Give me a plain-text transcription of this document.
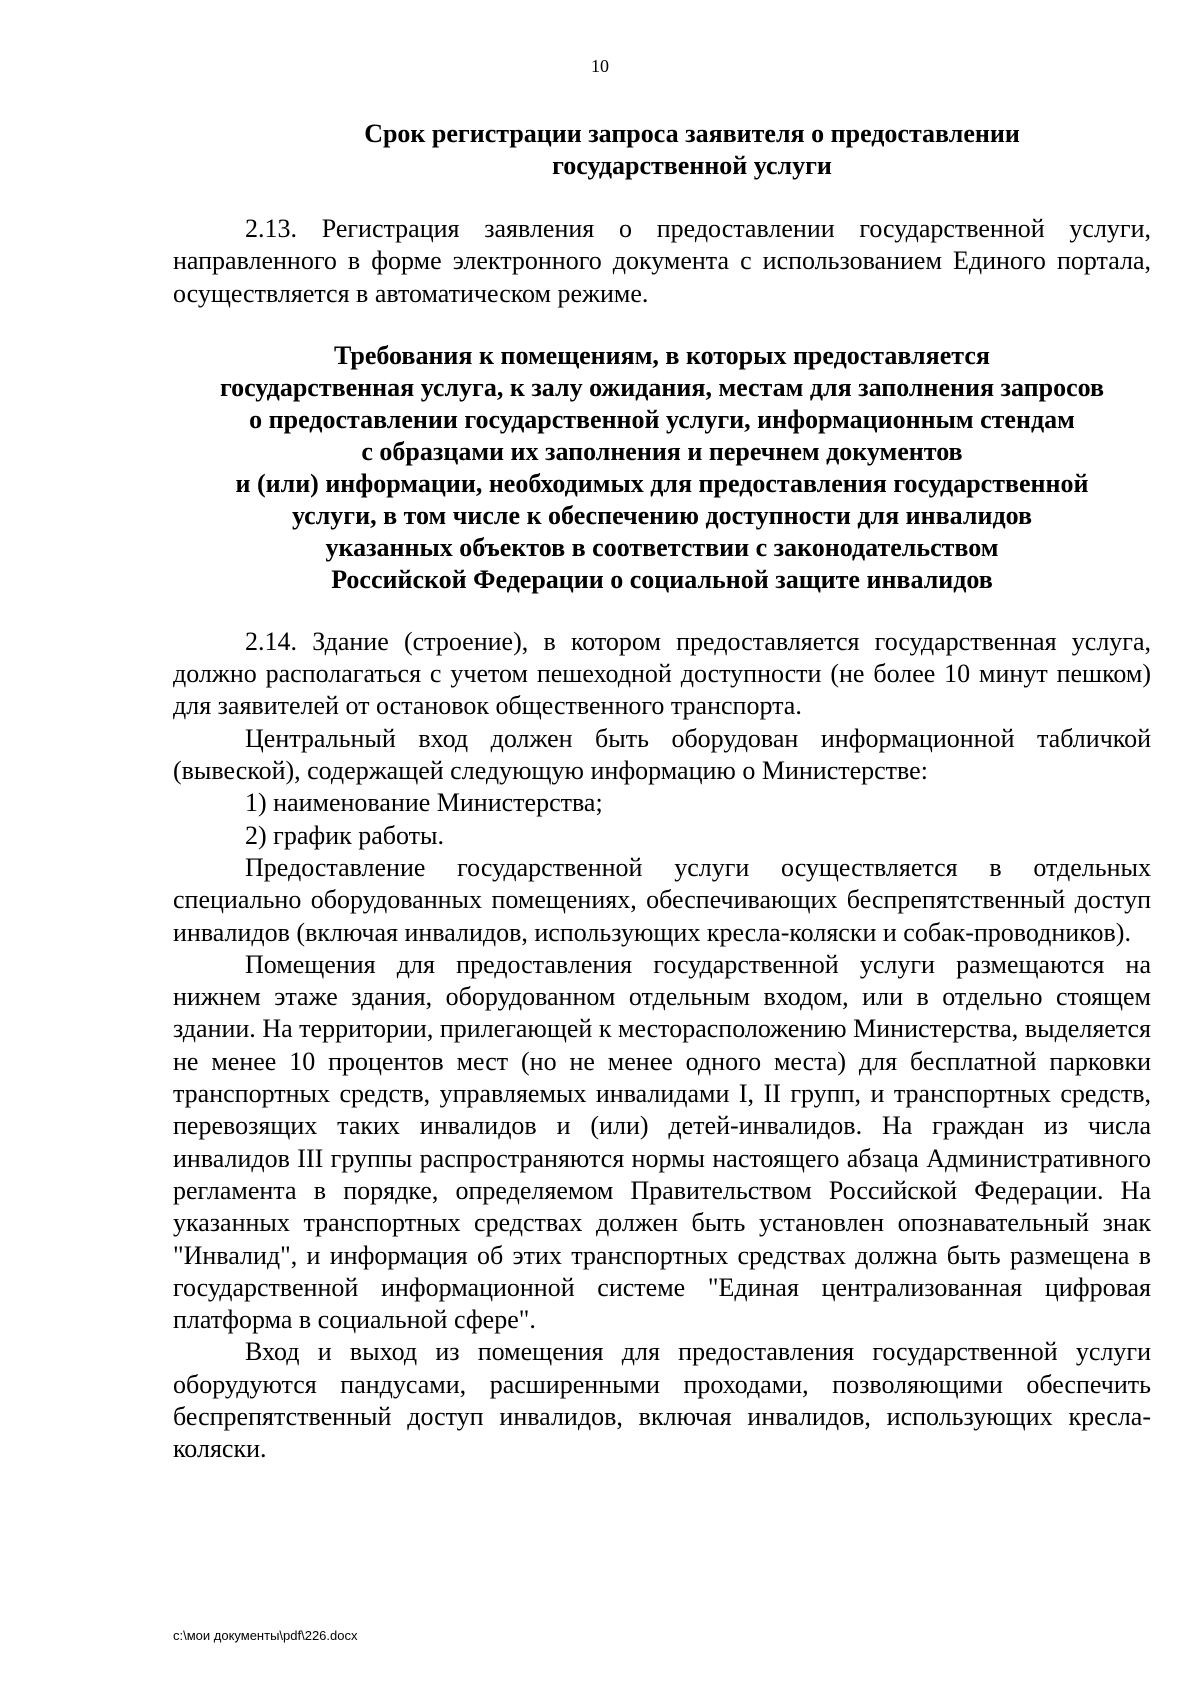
10
Срок регистрации запроса заявителя о предоставлении
государственной услуги

2.13. Регистрация заявления о предоставлении государственной услуги, направленного в форме электронного документа с использованием Единого портала, осуществляется в автоматическом режиме.

Требования к помещениям, в которых предоставляется
государственная услуга, к залу ожидания, местам для заполнения запросов
о предоставлении государственной услуги, информационным стендам
с образцами их заполнения и перечнем документов
и (или) информации, необходимых для предоставления государственной
услуги, в том числе к обеспечению доступности для инвалидов
указанных объектов в соответствии с законодательством
Российской Федерации о социальной защите инвалидов

2.14. Здание (строение), в котором предоставляется государственная услуга, должно располагаться с учетом пешеходной доступности (не более 10 минут пешком) для заявителей от остановок общественного транспорта.

Центральный вход должен быть оборудован информационной табличкой (вывеской), содержащей следующую информацию о Министерстве:

1) наименование Министерства;

2) график работы.

Предоставление государственной услуги осуществляется в отдельных специально оборудованных помещениях, обеспечивающих беспрепятственный доступ инвалидов (включая инвалидов, использующих кресла-коляски и собак-проводников).

Помещения для предоставления государственной услуги размещаются на нижнем этаже здания, оборудованном отдельным входом, или в отдельно стоящем здании. На территории, прилегающей к месторасположению Министерства, выделяется не менее 10 процентов мест (но не менее одного места) для бесплатной парковки транспортных средств, управляемых инвалидами I, II групп, и транспортных средств, перевозящих таких инвалидов и (или) детей-инвалидов. На граждан из числа инвалидов III группы распространяются нормы настоящего абзаца Административного регламента в порядке, определяемом Правительством Российской Федерации. На указанных транспортных средствах должен быть установлен опознавательный знак "Инвалид", и информация об этих транспортных средствах должна быть размещена в государственной информационной системе "Единая централизованная цифровая платформа в социальной сфере".

Вход и выход из помещения для предоставления государственной услуги оборудуются пандусами, расширенными проходами, позволяющими обеспечить беспрепятственный доступ инвалидов, включая инвалидов, использующих кресла-коляски.

c:\мои документы\pdf\226.docx
